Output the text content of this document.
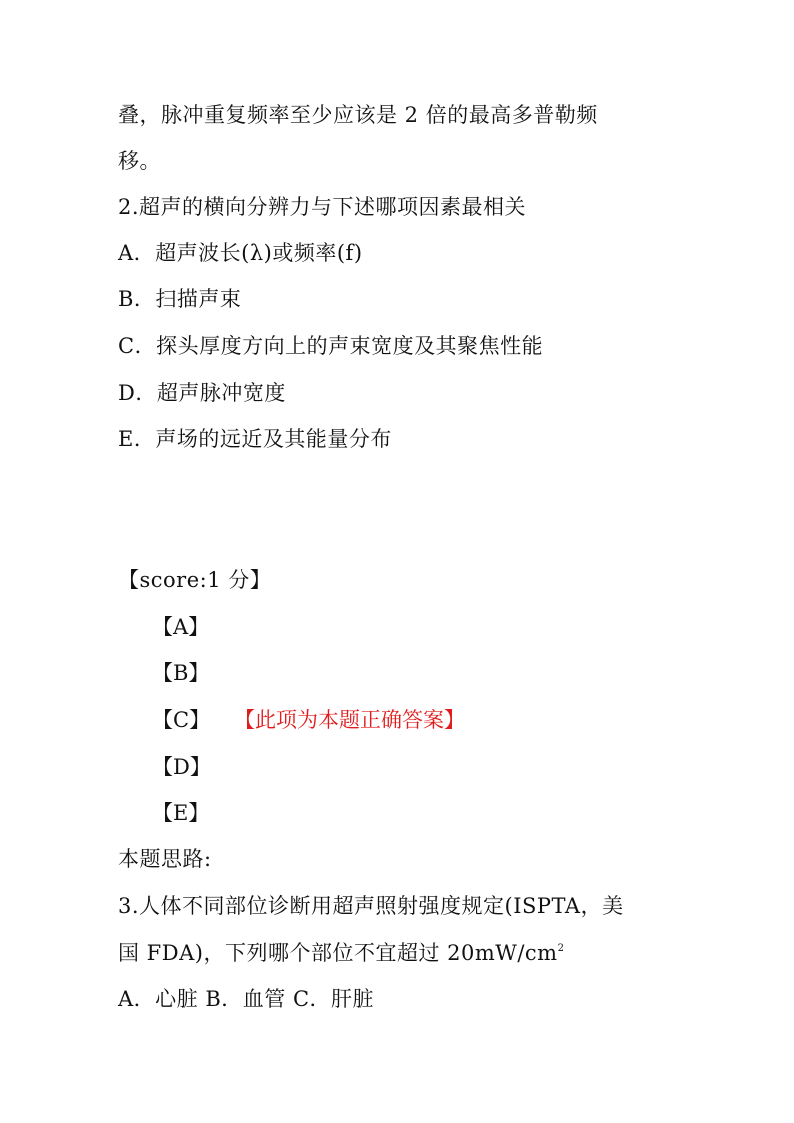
叠，脉冲重复频率至少应该是 2 倍的最高多普勒频
移。
2.超声的横向分辨力与下述哪项因素最相关
A．超声波长(λ)或频率(f)
B．扫描声束
C．探头厚度方向上的声束宽度及其聚焦性能
D．超声脉冲宽度
E．声场的远近及其能量分布
【score:1 分】
【A】
【B】
【C】 【此项为本题正确答案】
【D】
【E】
本题思路:
3.人体不同部位诊断用超声照射强度规定(ISPTA，美
国 FDA)，下列哪个部位不宜超过 $20mW/cm^2$
A．心脏 B．血管 C．肝脏
